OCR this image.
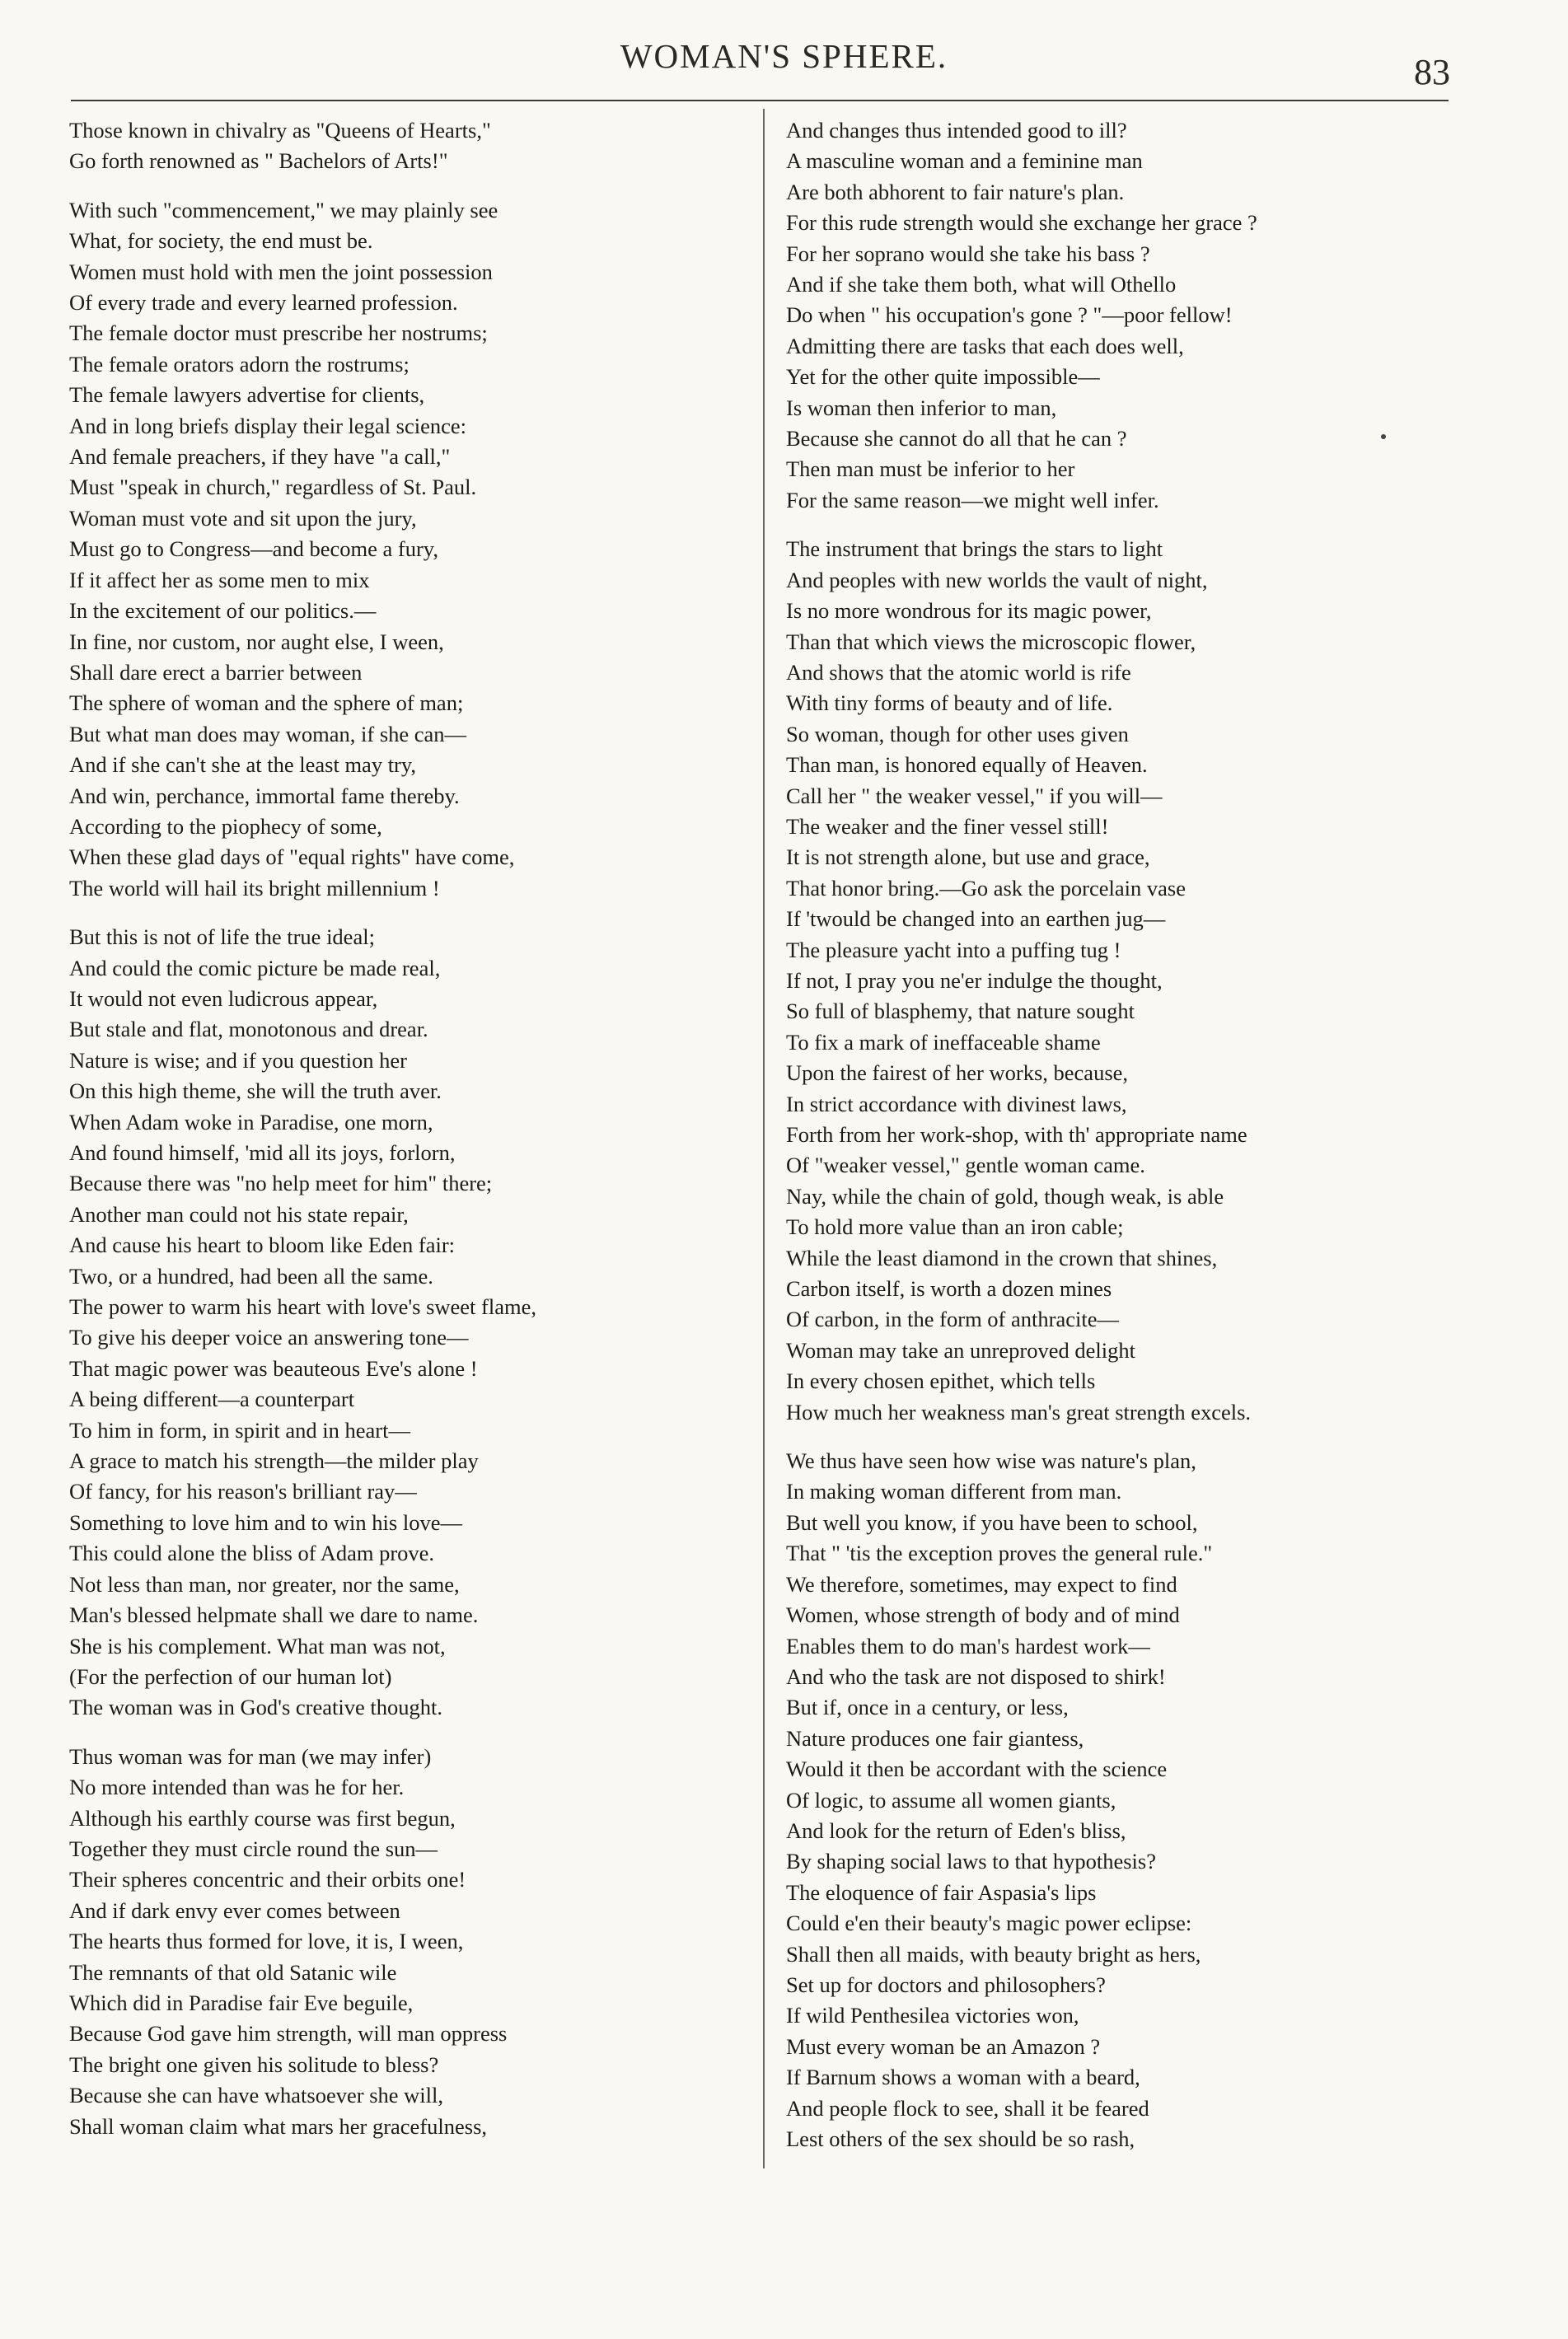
WOMAN'S SPHERE.	83
Those known in chivalry as "Queens of Hearts,"
Go forth renowned as " Bachelors of Arts!"
With such "commencement," we may plainly see
What, for society, the end must be.
Women must hold with men the joint possession
Of every trade and every learned profession.
The female doctor must prescribe her nostrums;
The female orators adorn the rostrums;
The female lawyers advertise for clients,
And in long briefs display their legal science:
And female preachers, if they have "a call,"
Must "speak in church," regardless of St. Paul.
Woman must vote and sit upon the jury,
Must go to Congress—and become a fury,
If it affect her as some men to mix
In the excitement of our politics.—
In fine, nor custom, nor aught else, I ween,
Shall dare erect a barrier between
The sphere of woman and the sphere of man;
But what man does may woman, if she can—
And if she can't she at the least may try,
And win, perchance, immortal fame thereby.
According to the piophecy of some,
When these glad days of "equal rights" have come,
The world will hail its bright millennium !
But this is not of life the true ideal;
And could the comic picture be made real,
It would not even ludicrous appear,
But stale and flat, monotonous and drear.
Nature is wise; and if you question her
On this high theme, she will the truth aver.
When Adam woke in Paradise, one morn,
And found himself, 'mid all its joys, forlorn,
Because there was "no help meet for him" there;
Another man could not his state repair,
And cause his heart to bloom like Eden fair:
Two, or a hundred, had been all the same.
The power to warm his heart with love's sweet flame,
To give his deeper voice an answering tone—
That magic power was beauteous Eve's alone !
A being different—a counterpart
To him in form, in spirit and in heart—
A grace to match his strength—the milder play
Of fancy, for his reason's brilliant ray—
Something to love him and to win his love—
This could alone the bliss of Adam prove.
Not less than man, nor greater, nor the same,
Man's blessed helpmate shall we dare to name.
She is his complement. What man was not,
(For the perfection of our human lot)
The woman was in God's creative thought.
Thus woman was for man (we may infer)
No more intended than was he for her.
Although his earthly course was first begun,
Together they must circle round the sun—
Their spheres concentric and their orbits one!
And if dark envy ever comes between
The hearts thus formed for love, it is, I ween,
The remnants of that old Satanic wile
Which did in Paradise fair Eve beguile,
Because God gave him strength, will man oppress
The bright one given his solitude to bless?
Because she can have whatsoever she will,
Shall woman claim what mars her gracefulness,
And changes thus intended good to ill?
A masculine woman and a feminine man
Are both abhorent to fair nature's plan.
For this rude strength would she exchange her grace ?
For her soprano would she take his bass ?
And if she take them both, what will Othello
Do when " his occupation's gone ? "—poor fellow!
Admitting there are tasks that each does well,
Yet for the other quite impossible—
Is woman then inferior to man,
Because she cannot do all that he can ?
Then man must be inferior to her
For the same reason—we might well infer.
The instrument that brings the stars to light
And peoples with new worlds the vault of night,
Is no more wondrous for its magic power,
Than that which views the microscopic flower,
And shows that the atomic world is rife
With tiny forms of beauty and of life.
So woman, though for other uses given
Than man, is honored equally of Heaven.
Call her " the weaker vessel," if you will—
The weaker and the finer vessel still!
It is not strength alone, but use and grace,
That honor bring.—Go ask the porcelain vase
If 'twould be changed into an earthen jug—
The pleasure yacht into a puffing tug !
If not, I pray you ne'er indulge the thought,
So full of blasphemy, that nature sought
To fix a mark of ineffaceable shame
Upon the fairest of her works, because,
In strict accordance with divinest laws,
Forth from her work-shop, with th' appropriate name
Of "weaker vessel," gentle woman came.
Nay, while the chain of gold, though weak, is able
To hold more value than an iron cable;
While the least diamond in the crown that shines,
Carbon itself, is worth a dozen mines
Of carbon, in the form of anthracite—
Woman may take an unreproved delight
In every chosen epithet, which tells
How much her weakness man's great strength excels.
We thus have seen how wise was nature's plan,
In making woman different from man.
But well you know, if you have been to school,
That " 'tis the exception proves the general rule."
We therefore, sometimes, may expect to find
Women, whose strength of body and of mind
Enables them to do man's hardest work—
And who the task are not disposed to shirk!
But if, once in a century, or less,
Nature produces one fair giantess,
Would it then be accordant with the science
Of logic, to assume all women giants,
And look for the return of Eden's bliss,
By shaping social laws to that hypothesis?
The eloquence of fair Aspasia's lips
Could e'en their beauty's magic power eclipse:
Shall then all maids, with beauty bright as hers,
Set up for doctors and philosophers?
If wild Penthesilea victories won,
Must every woman be an Amazon ?
If Barnum shows a woman with a beard,
And people flock to see, shall it be feared
Lest others of the sex should be so rash,
